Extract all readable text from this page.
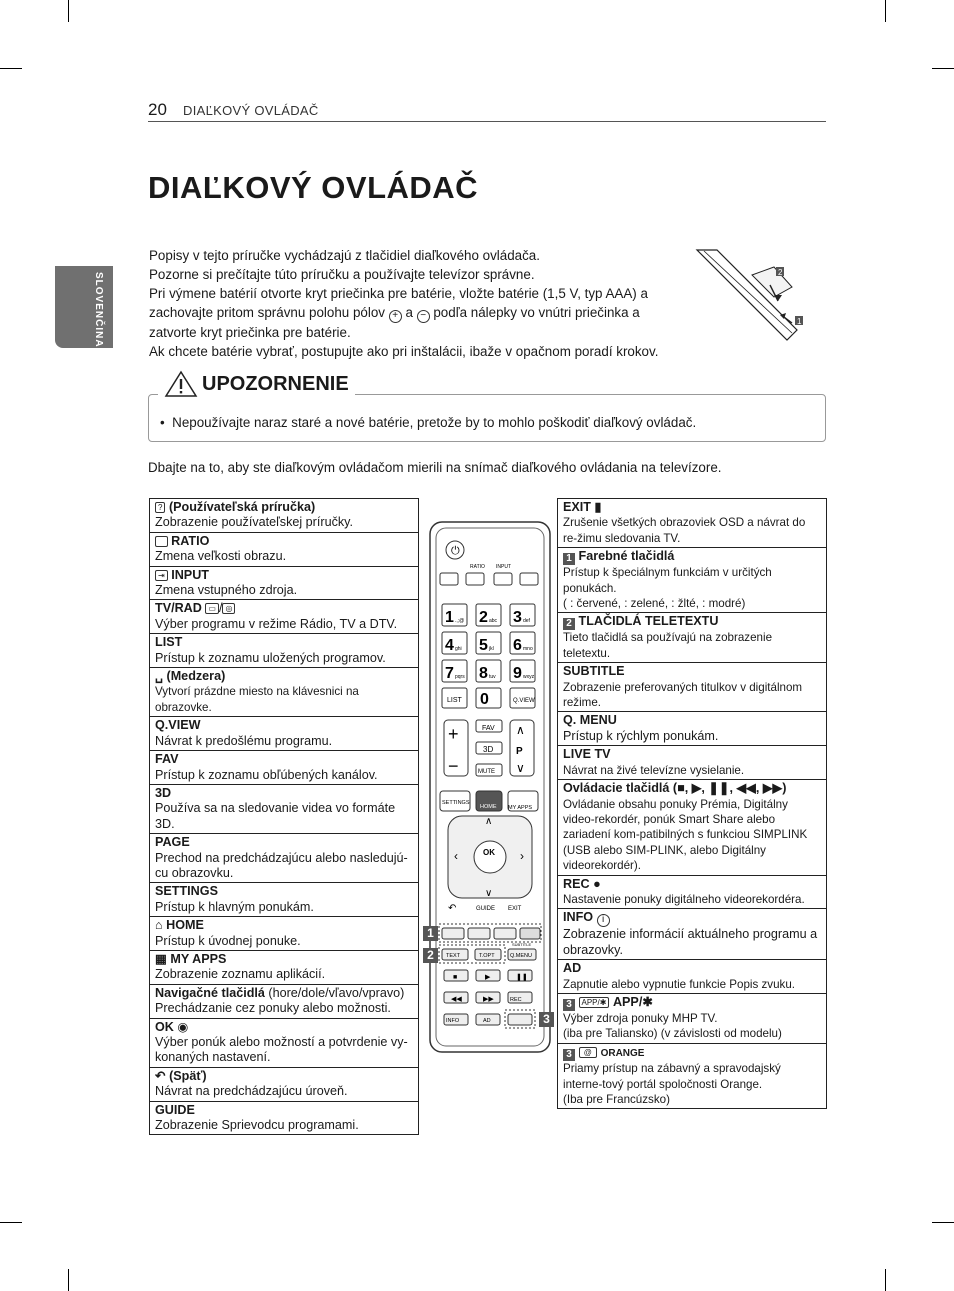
20 DIAĽKOVÝ OVLÁDAČ
SLOVENČINA
DIAĽKOVÝ OVLÁDAČ

Popisy v tejto príručke vychádzajú z tlačidiel diaľkového ovládača.

Pozorne si prečítajte túto príručku a používajte televízor správne.

Pri výmene batérií otvorte kryt priečinka pre batérie, vložte batérie (1,5 V, typ AAA) a

zachovajte pritom správnu polohu pólov + a − podľa nálepky vo vnútri priečinka a

zatvorte kryt priečinka pre batérie.

Ak chcete batérie vybrať, postupujte ako pri inštalácii, ibaže v opačnom poradí krokov.

2
1
UPOZORNENIE
• Nepoužívajte naraz staré a nové batérie, pretože by to mohlo poškodiť diaľkový ovládač.
Dbajte na to, aby ste diaľkovým ovládačom mierili na snímač diaľkového ovládania na televízore.
? (Používateľská príručka)
Zobrazenie používateľskej príručky.
RATIO
Zmena veľkosti obrazu.
⇥ INPUT
Zmena vstupného zdroja.
TV/RAD ▭ / ◎
Výber programu v režime Rádio, TV a DTV.
LIST
Prístup k zoznamu uložených programov.
␣ (Medzera)
Vytvorí prázdne miesto na klávesnici na obrazovke.
Q.VIEW
Návrat k predošlému programu.
FAV
Prístup k zoznamu obľúbených kanálov.
3D
Používa sa na sledovanie videa vo formáte 3D.
PAGE
Prechod na predchádzajúcu alebo nasledujú-cu obrazovku.
SETTINGS
Prístup k hlavným ponukám.
⌂ HOME
Prístup k úvodnej ponuke.
▦ MY APPS
Zobrazenie zoznamu aplikácií.
Navigačné tlačidlá (hore/dole/vľavo/vpravo)
Prechádzanie cez ponuky alebo možnosti.
OK ◉
Výber ponúk alebo možností a potvrdenie vy-konaných nastavení.
↶ (Späť)
Návrat na predchádzajúcu úroveň.
GUIDE
Zobrazenie Sprievodcu programami.
EXIT ▮
Zrušenie všetkých obrazoviek OSD a návrat do re-žimu sledovania TV.
1 Farebné tlačidlá
Prístup k špeciálnym funkciám v určitých ponukách.
( : červené, : zelené, : žlté, : modré)
2 TLAČIDLÁ TELETEXTU
Tieto tlačidlá sa používajú na zobrazenie teletextu.
SUBTITLE
Zobrazenie preferovaných titulkov v digitálnom režime.
Q. MENU
Prístup k rýchlym ponukám.
LIVE TV
Návrat na živé televízne vysielanie.
Ovládacie tlačidlá (■, ▶, ❚❚, ◀◀, ▶▶)
Ovládanie obsahu ponuky Prémia, Digitálny video-rekordér, ponúk Smart Share alebo zariadení kom-patibilných s funkciou SIMPLINK (USB alebo SIM-PLINK, alebo Digitálny videorekordér).
REC ●
Nastavenie ponuky digitálneho videorekordéra.
INFO i
Zobrazenie informácií aktuálneho programu a obrazovky.
AD
Zapnutie alebo vypnutie funkcie Popis zvuku.
3 APP/✱ APP/✱
Výber zdroja ponuky MHP TV.
(iba pre Taliansko) (v závislosti od modelu)
3  @  ORANGE
Priamy prístup na zábavný a spravodajský interne-tový portál spoločnosti Orange.
(Iba pre Francúzsko)
⏻
RATIO INPUT
1 .,;@ 2 abc 3 def
4 ghi 5 jkl 6 mno
7 pqrs 8 tuv 9 wxyz
LIST 0	Q.VIEW
+
−
FAV
3D
MUTE
P
∧
∨
SETTINGS
HOME MY APPS
OK
∧
∨
‹	›
↶	GUIDE EXIT
TEXT	T.OPT	Q.MENU
SUBTITLE
■	▶	❚❚
◀◀	▶▶	REC
INFO	AD
1
2
3
